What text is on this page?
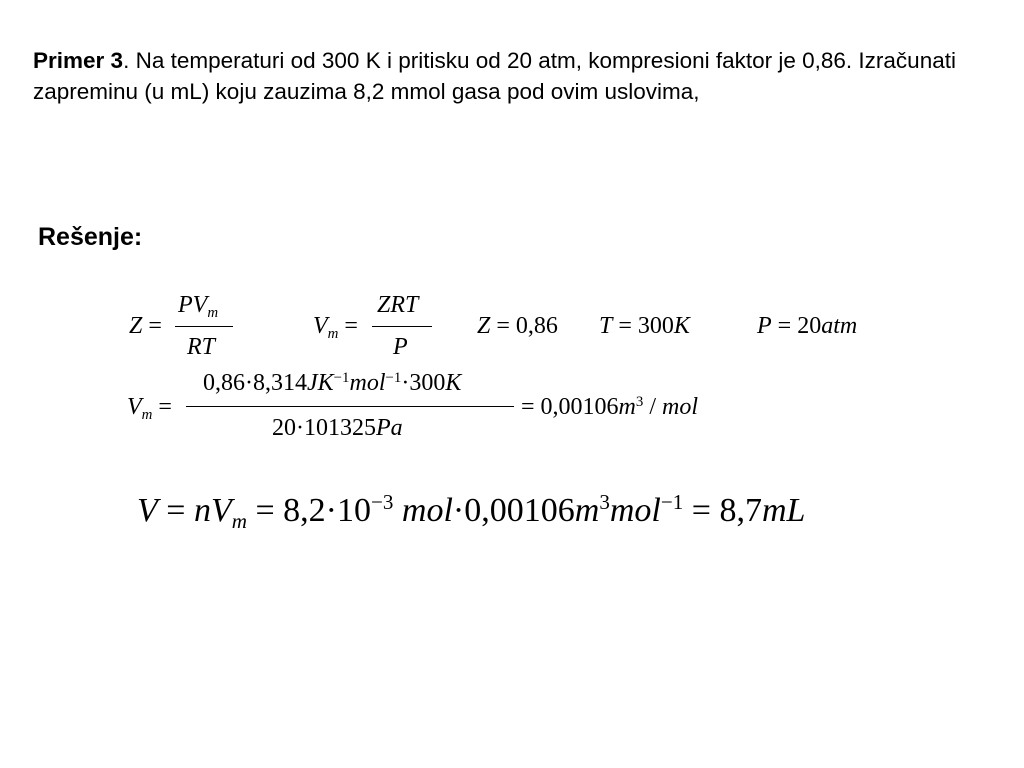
Primer 3. Na temperaturi od 300 K i pritisku od 20 atm, kompresioni faktor je 0,86. Izračunati zapreminu (u mL) koju zauzima 8,2 mmol gasa pod ovim uslovima,

Rešenje:

Z =
$PV_m$
RT
$V_m$ =
ZRT
P
Z = 0,86 T = 300K	P = 20atm
$V_m$ =
$0,86\cdot 8,314JK^{-1}mol^{-1}\cdot 300K$
20·101325Pa
= $0,00106m^3$ / mol
$V = nV_m = 8,2\cdot 10^{-3}$ $mol\cdot 0,00106m^3mol^{-1} = 8,7mL$
